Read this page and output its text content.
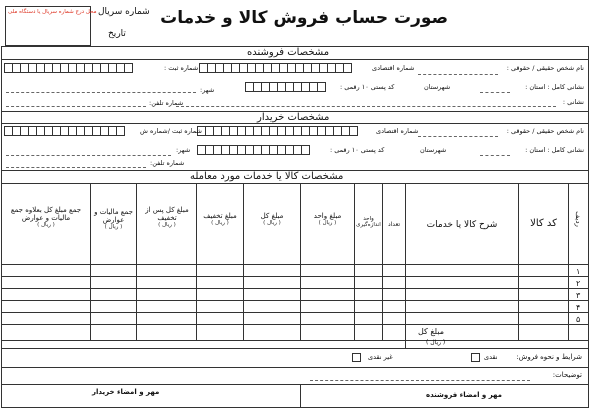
صورت حساب فروش کالا و خدمات
شماره سریال
تاریخ
محل درج شماره سریال یا دستگاه ملی
مشخصات فروشنده
نام شخص حقیقی / حقوقی :
شماره اقتصادی
شماره ثبت :
نشانی کامل : استان :
شهرستان
کد پستی ۱۰ رقمی :
شهر:
نشانی :
شماره تلفن:
مشخصات خریدار
نام شخص حقیقی / حقوقی :
شماره اقتصادی
شماره ثبت /شماره ش
نشانی کامل : استان :
شهرستان
کد پستی ۱۰ رقمی :
شهر:
شماره تلفن:
مشخصات کالا یا خدمات مورد معامله
ردیف
کد کالا
شرح کالا یا خدمات
تعداد
واحد اندازه‌گیری
مبلغ واحد
( ریال )
مبلغ کل
( ریال )
مبلغ تخفیف
( ریال )
مبلغ کل پس از تخفیف
( ریال )
جمع مالیات و عوارض
( ریال )
جمع مبلغ کل بعلاوه جمع مالیات و عوارض
( ریال )
۱
۲
۳
۴
۵
مبلغ کل
( ریال )
شرایط و نحوه فروش:
نقدی
غیر نقدی
توضیحات:
مهر و امضاء فروشنده
مهر و امضاء خریدار
